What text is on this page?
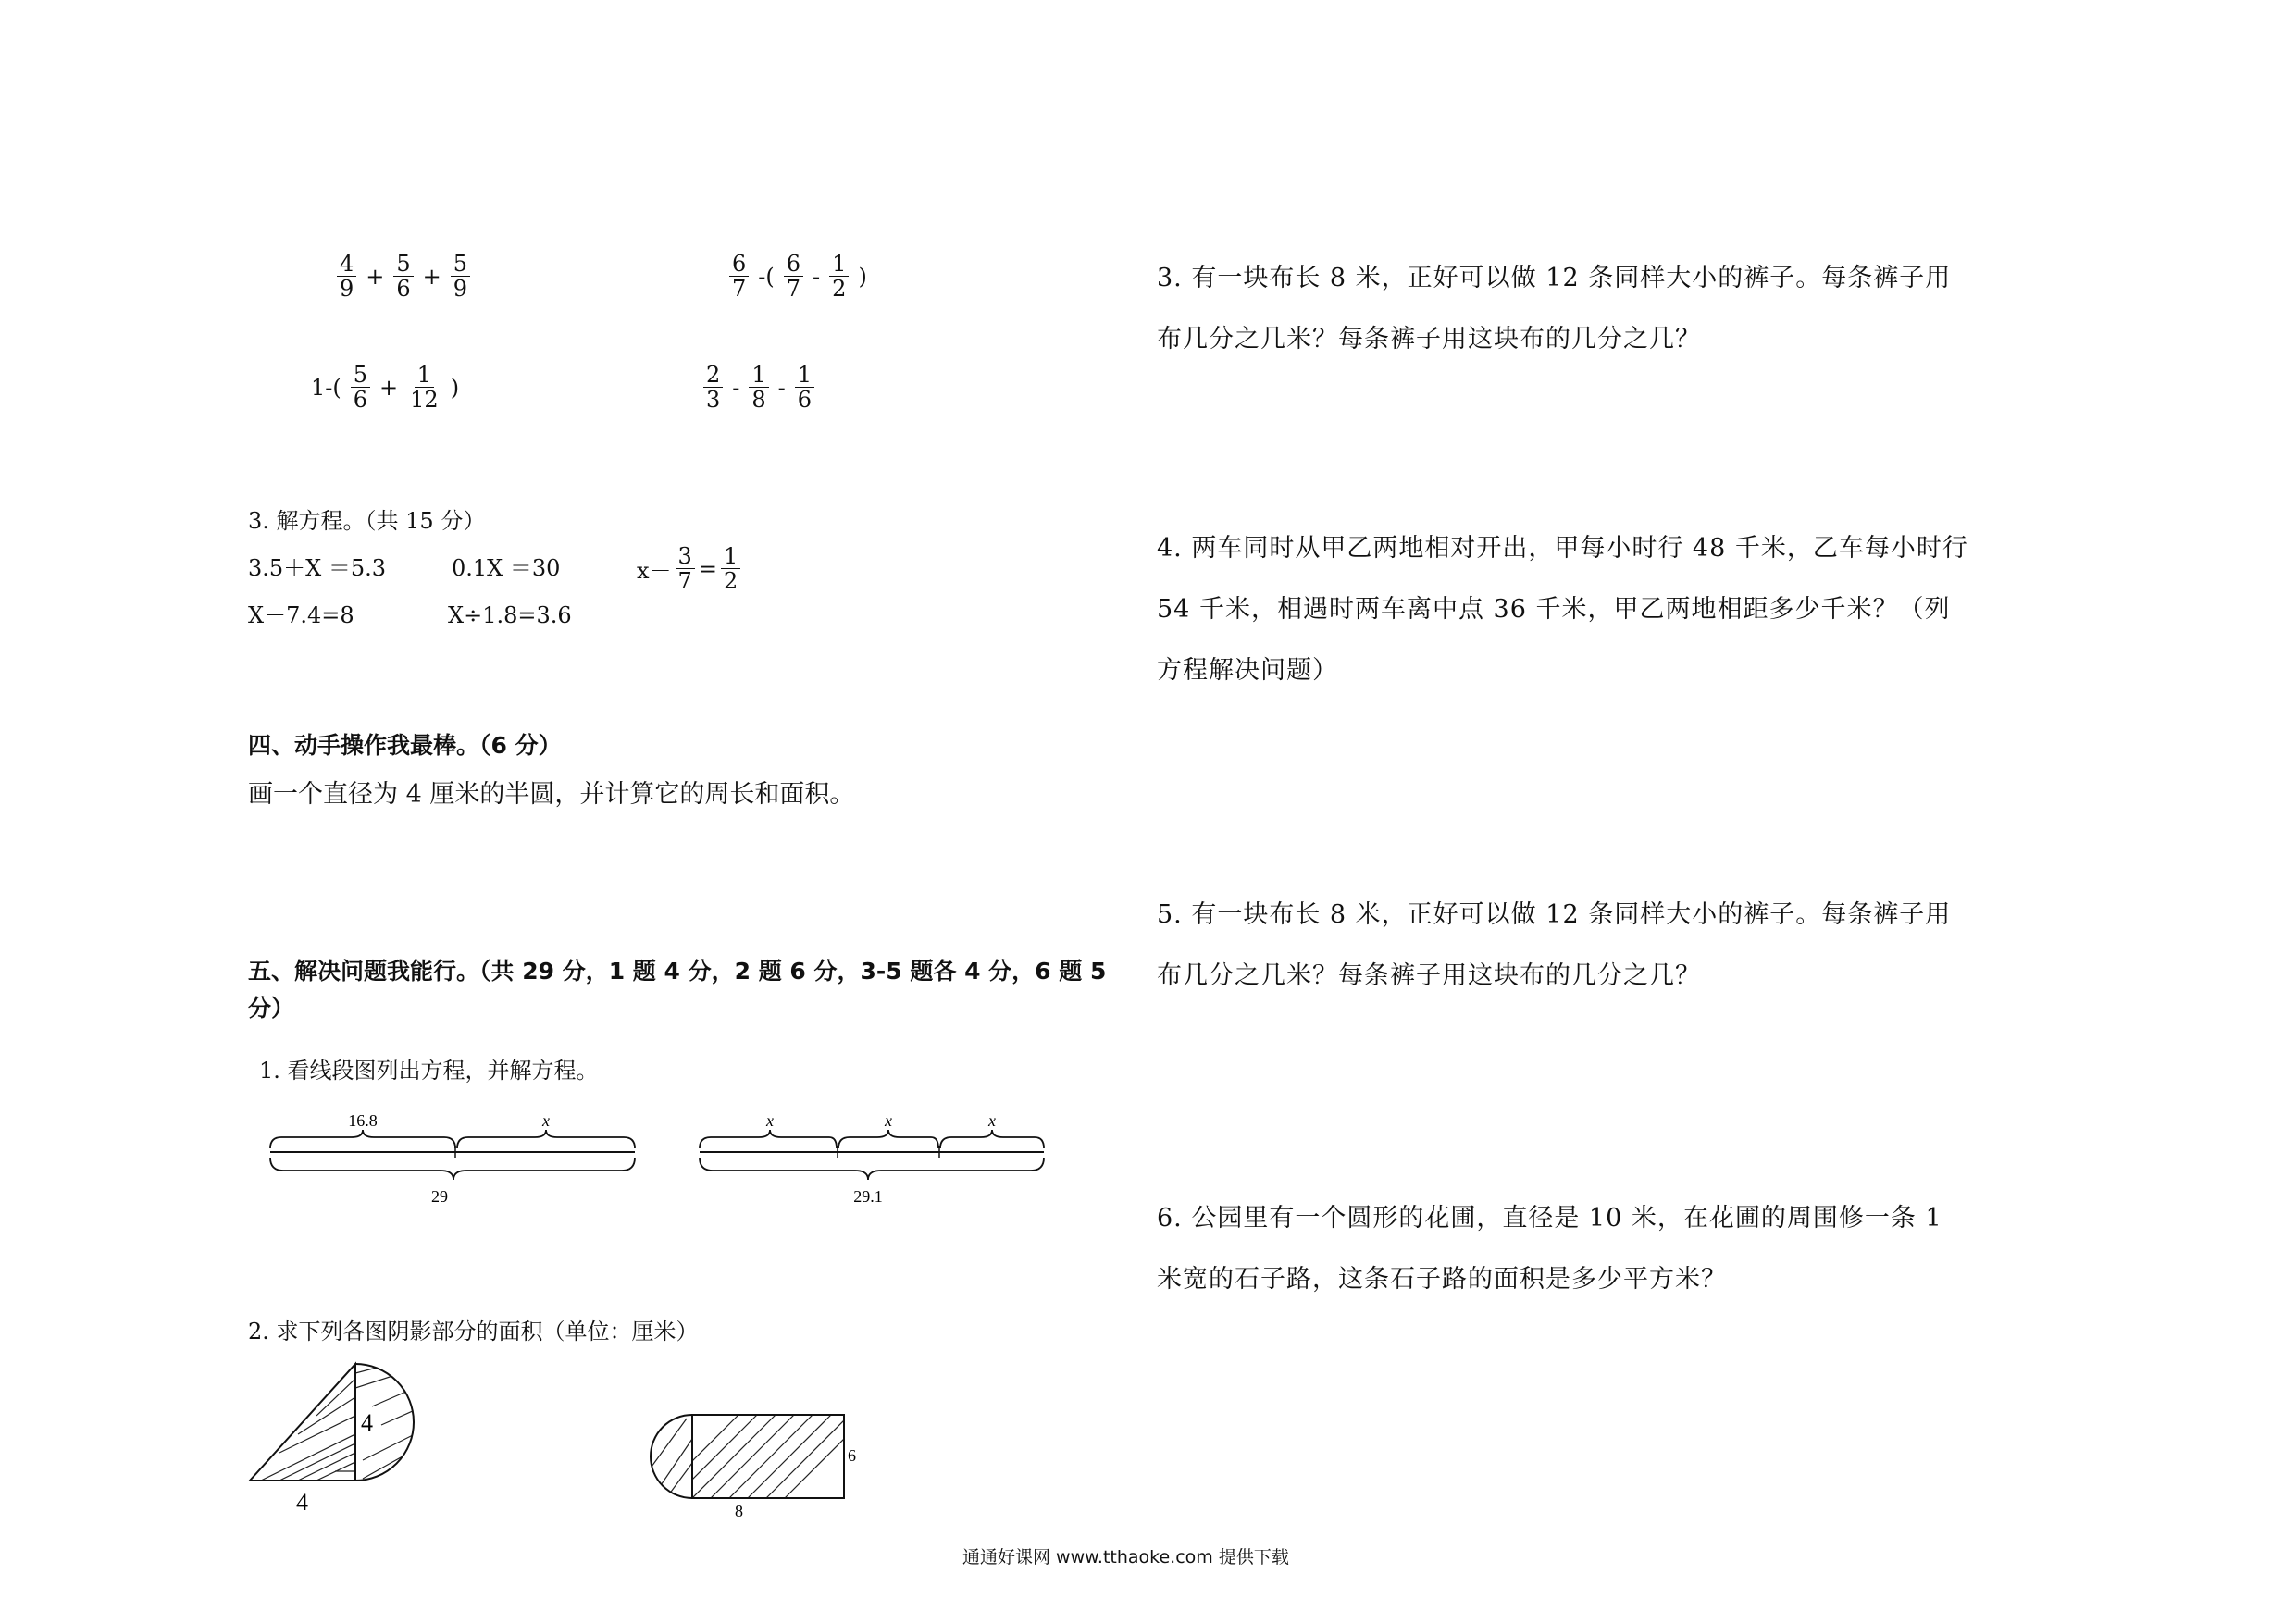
$\frac{4}{9} + \frac{5}{6} + \frac{5}{9}$	$\frac{6}{7}$ -( $\frac{6}{7} - \frac{1}{2}$ )
$1-( \frac{5}{6} + \frac{1}{12}$ )	$\frac{2}{3} - \frac{1}{8} - \frac{1}{6}$
3. 解方程。（共 15 分）
3.5＋X ＝5.3	0.1X ＝30	$x- \frac{3}{7} = \frac{1}{2}$
X－7.4=8	X÷1.8=3.6
四、动手操作我最棒。（6 分）
画一个直径为 4 厘米的半圆，并计算它的周长和面积。
五、解决问题我能行。（共 29 分，1 题 4 分，2 题 6 分，3-5 题各 4 分，6 题 5
分）
1. 看线段图列出方程，并解方程。
16.8	x
29
x	x	x
29.1
2. 求下列各图阴影部分的面积（单位：厘米）
4
4
6
8
3. 有一块布长 8 米，正好可以做 12 条同样大小的裤子。每条裤子用布几分之几米？每条裤子用这块布的几分之几？
4. 两车同时从甲乙两地相对开出，甲每小时行 48 千米，乙车每小时行 54 千米，相遇时两车离中点 36 千米，甲乙两地相距多少千米？（列方程解决问题）
5. 有一块布长 8 米，正好可以做 12 条同样大小的裤子。每条裤子用布几分之几米？每条裤子用这块布的几分之几？
6. 公园里有一个圆形的花圃，直径是 10 米，在花圃的周围修一条 1 米宽的石子路，这条石子路的面积是多少平方米？
通通好课网 www.tthaoke.com 提供下载
